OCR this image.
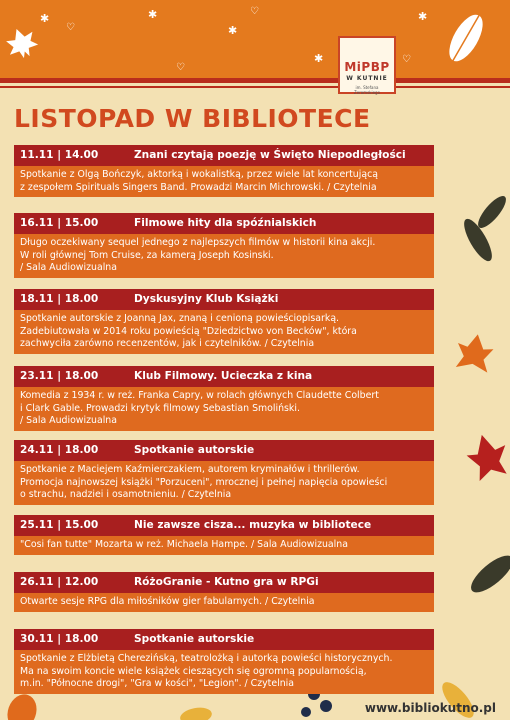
✱
✱
✱
✱
✱
♡
♡
♡
♡
MiPBP
W KUTNIE
im. Stefana Żeromskiego
LISTOPAD W BIBLIOTECE
11.11 | 14.00	Znani czytają poezję w Święto Niepodległości
Spotkanie z Olgą Bończyk, aktorką i wokalistką, przez wiele lat koncertującą
z zespołem Spirituals Singers Band. Prowadzi Marcin Michrowski. / Czytelnia
16.11 | 15.00	Filmowe hity dla spóźnialskich
Długo oczekiwany sequel jednego z najlepszych filmów w historii kina akcji.
W roli głównej Tom Cruise, za kamerą Joseph Kosinski.
/ Sala Audiowizualna
18.11 | 18.00	Dyskusyjny Klub Książki
Spotkanie autorskie z Joanną Jax, znaną i cenioną powieściopisarką.
Zadebiutowała w 2014 roku powieścią "Dziedzictwo von Becków", która
zachwyciła zarówno recenzentów, jak i czytelników. / Czytelnia
23.11 | 18.00	Klub Filmowy. Ucieczka z kina
Komedia z 1934 r. w reż. Franka Capry, w rolach głównych Claudette Colbert
i Clark Gable. Prowadzi krytyk filmowy Sebastian Smoliński.
/ Sala Audiowizualna
24.11 | 18.00	Spotkanie autorskie
Spotkanie z Maciejem Kaźmierczakiem, autorem kryminałów i thrillerów.
Promocja najnowszej książki "Porzuceni", mrocznej i pełnej napięcia opowieści
o strachu, nadziei i osamotnieniu. / Czytelnia
25.11 | 15.00	Nie zawsze cisza... muzyka w bibliotece
"Cosi fan tutte" Mozarta w reż. Michaela Hampe. / Sala Audiowizualna
26.11 | 12.00	RóżoGranie - Kutno gra w RPGi
Otwarte sesje RPG dla miłośników gier fabularnych. / Czytelnia
30.11 | 18.00	Spotkanie autorskie
Spotkanie z Elżbietą Cherezińską, teatrolożką i autorką powieści historycznych.
Ma na swoim koncie wiele książek cieszących się ogromną popularnością,
m.in. "Północne drogi", "Gra w kości", "Legion". / Czytelnia
www.bibliokutno.pl
